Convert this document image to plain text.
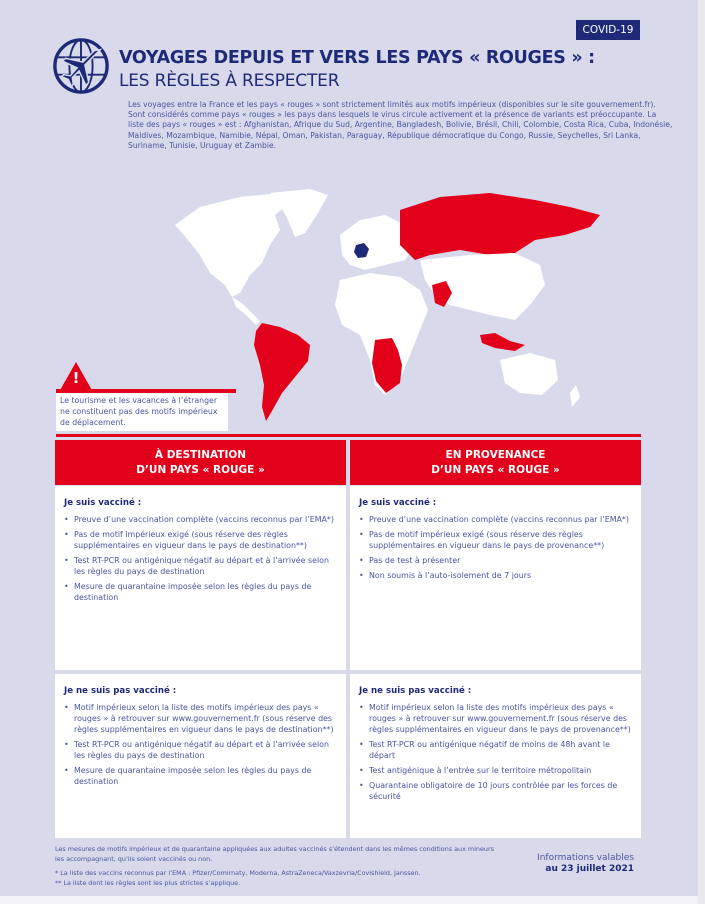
COVID-19
VOYAGES DEPUIS ET VERS LES PAYS « ROUGES » :
LES RÈGLES À RESPECTER

Les voyages entre la France et les pays « rouges » sont strictement limités aux motifs impérieux (disponibles sur le site gouvernement.fr).

Sont considérés comme pays « rouges » les pays dans lesquels le virus circule activement et la présence de variants est préoccupante. La liste des pays « rouges » est : Afghanistan, Afrique du Sud, Argentine, Bangladesh, Bolivie, Brésil, Chili, Colombie, Costa Rica, Cuba, Indonésie, Maldives, Mozambique, Namibie, Népal, Oman, Pakistan, Paraguay, République démocratique du Congo, Russie, Seychelles, Sri Lanka, Suriname, Tunisie, Uruguay et Zambie.

!
Le tourisme et les vacances à l’étranger ne constituent pas des motifs impérieux de déplacement.
À DESTINATION
D’UN PAYS « ROUGE »
Je suis vacciné :
• Preuve d’une vaccination complète (vaccins reconnus par l’EMA*)
• Pas de motif impérieux exigé (sous réserve des règles supplémentaires en vigueur dans le pays de destination**)
• Test RT-PCR ou antigénique négatif au départ et à l’arrivée selon les règles du pays de destination
• Mesure de quarantaine imposée selon les règles du pays de destination
Je ne suis pas vacciné :
• Motif impérieux selon la liste des motifs impérieux des pays « rouges » à retrouver sur www.gouvernement.fr (sous réserve des règles supplémentaires en vigueur dans le pays de destination**)
• Test RT-PCR ou antigénique négatif au départ et à l’arrivée selon les règles du pays de destination
• Mesure de quarantaine imposée selon les règles du pays de destination
EN PROVENANCE
D’UN PAYS « ROUGE »
Je suis vacciné :
• Preuve d’une vaccination complète (vaccins reconnus par l’EMA*)
• Pas de motif impérieux exigé (sous réserve des règles supplémentaires en vigueur dans le pays de provenance**)
• Pas de test à présenter
• Non soumis à l’auto-isolement de 7 jours
Je ne suis pas vacciné :
• Motif impérieux selon la liste des motifs impérieux des pays « rouges » à retrouver sur www.gouvernement.fr (sous réserve des règles supplémentaires en vigueur dans le pays de provenance**)
• Test RT-PCR ou antigénique négatif de moins de 48h avant le départ
• Test antigénique à l’entrée sur le territoire métropolitain
• Quarantaine obligatoire de 10 jours contrôlée par les forces de sécurité

Les mesures de motifs impérieux et de quarantaine appliquées aux adultes vaccinés s’étendent dans les mêmes conditions aux mineurs les accompagnant, qu’ils soient vaccinés ou non.

* La liste des vaccins reconnus par l’EMA : Pfizer/Comirnaty, Moderna, AstraZeneca/Vaxzevria/Covishield, Janssen.

** La liste dont les règles sont les plus strictes s’applique.

Informations valables
au 23 juillet 2021
